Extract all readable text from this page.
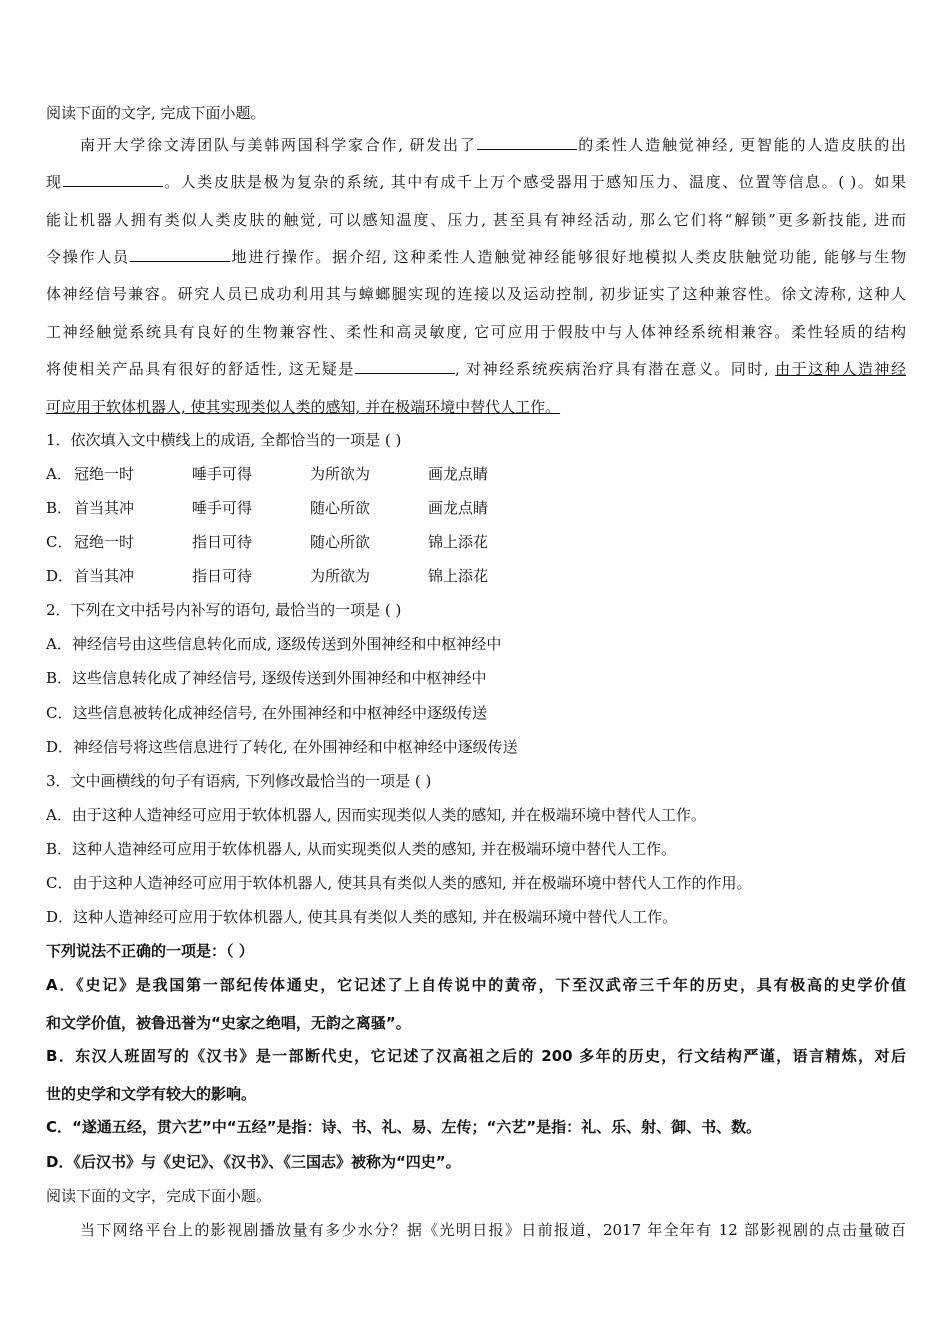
阅读下面的文字, 完成下面小题。
南开大学徐文涛团队与美韩两国科学家合作, 研发出了	的柔性人造触觉神经, 更智能的人造皮肤的出
现	。人类皮肤是极为复杂的系统, 其中有成千上万个感受器用于感知压力、温度、位置等信息。( )。如果
能让机器人拥有类似人类皮肤的触觉, 可以感知温度、压力, 甚至具有神经活动, 那么它们将“解锁”更多新技能, 进而
令操作人员	地进行操作。据介绍, 这种柔性人造触觉神经能够很好地模拟人类皮肤触觉功能, 能够与生物
体神经信号兼容。研究人员已成功利用其与蟑螂腿实现的连接以及运动控制, 初步证实了这种兼容性。徐文涛称, 这种人
工神经触觉系统具有良好的生物兼容性、柔性和高灵敏度, 它可应用于假肢中与人体神经系统相兼容。柔性轻质的结构
将使相关产品具有很好的舒适性, 这无疑是	, 对神经系统疾病治疗具有潜在意义。同时, 由于这种人造神经
可应用于软体机器人, 使其实现类似人类的感知, 并在极端环境中替代人工作。
1．依次填入文中横线上的成语, 全都恰当的一项是 ( )
A． 冠绝一时	唾手可得	为所欲为	画龙点睛
B． 首当其冲	唾手可得	随心所欲	画龙点睛
C． 冠绝一时	指日可待	随心所欲	锦上添花
D．首当其冲	指日可待	为所欲为	锦上添花
2．下列在文中括号内补写的语句, 最恰当的一项是 ( )
A．神经信号由这些信息转化而成, 逐级传送到外围神经和中枢神经中
B．这些信息转化成了神经信号, 逐级传送到外围神经和中枢神经中
C．这些信息被转化成神经信号, 在外围神经和中枢神经中逐级传送
D．神经信号将这些信息进行了转化, 在外围神经和中枢神经中逐级传送
3．文中画横线的句子有语病, 下列修改最恰当的一项是 ( )
A．由于这种人造神经可应用于软体机器人, 因而实现类似人类的感知, 并在极端环境中替代人工作。
B．这种人造神经可应用于软体机器人, 从而实现类似人类的感知, 并在极端环境中替代人工作。
C．由于这种人造神经可应用于软体机器人, 使其具有类似人类的感知, 并在极端环境中替代人工作的作用。
D．这种人造神经可应用于软体机器人, 使其具有类似人类的感知, 并在极端环境中替代人工作。
下列说法不正确的一项是：（ ）
A．《史记》是我国第一部纪传体通史，它记述了上自传说中的黄帝，下至汉武帝三千年的历史，具有极高的史学价值
和文学价值，被鲁迅誉为“史家之绝唱，无韵之离骚”。
B．东汉人班固写的《汉书》是一部断代史，它记述了汉高祖之后的 200 多年的历史，行文结构严谨，语言精炼，对后
世的史学和文学有较大的影响。
C．“遂通五经，贯六艺”中“五经”是指：诗、书、礼、易、左传；“六艺”是指：礼、乐、射、御、书、数。
D．《后汉书》与《史记》、《汉书》、《三国志》被称为“四史”。
阅读下面的文字，完成下面小题。
当下网络平台上的影视剧播放量有多少水分？据《光明日报》日前报道，2017 年全年有 12 部影视剧的点击量破百
